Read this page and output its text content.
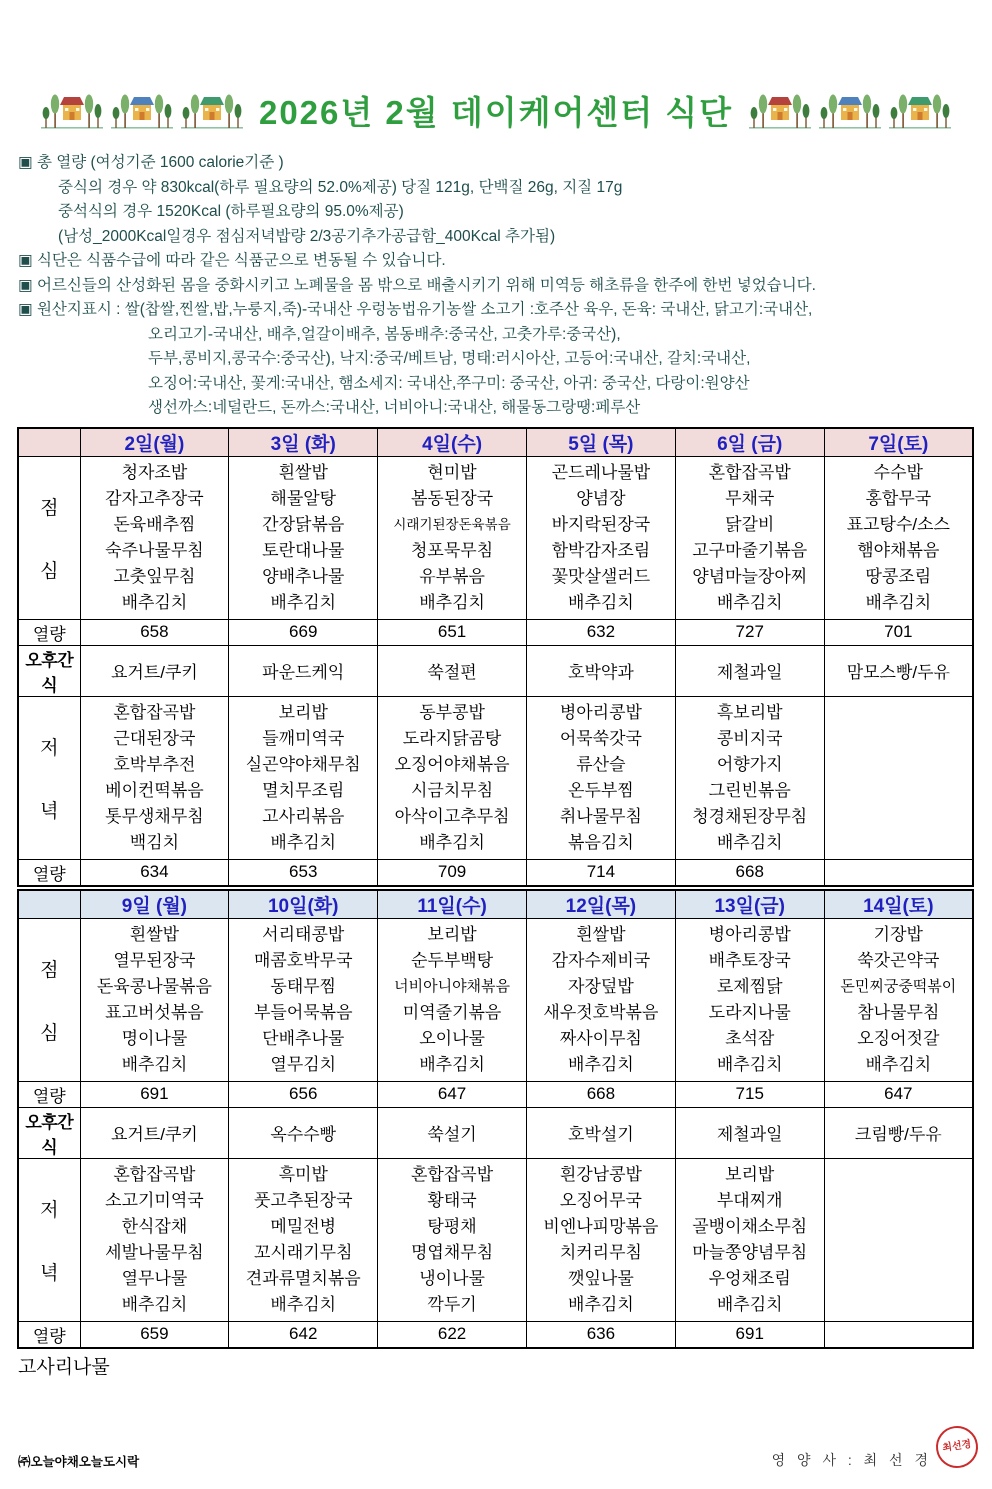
2026년 2월 데이케어센터 식단
▣ 총 열량 (여성기준 1600 calorie기준 )
중식의 경우 약 830kcal(하루 필요량의 52.0%제공) 당질 121g, 단백질 26g, 지질 17g
중석식의 경우 1520Kcal (하루필요량의 95.0%제공)
(남성_2000Kcal일경우 점심저녁밥량 2/3공기추가공급함_400Kcal 추가됨)
▣ 식단은 식품수급에 따라 같은 식품군으로 변동될 수 있습니다.
▣ 어르신들의 산성화된 몸을 중화시키고 노폐물을 몸 밖으로 배출시키기 위해 미역등 해초류을 한주에 한번 넣었습니다.
▣ 원산지표시 : 쌀(찹쌀,찐쌀,밥,누룽지,죽)-국내산 우렁농법유기농쌀 소고기 :호주산 육우, 돈육: 국내산, 닭고기:국내산,
오리고기-국내산, 배추,얼갈이배추, 봄동배추:중국산, 고춧가루:중국산),
두부,콩비지,콩국수:중국산), 낙지:중국/베트남, 명태:러시아산, 고등어:국내산, 갈치:국내산,
오징어:국내산, 꽃게:국내산, 햄소세지: 국내산,쭈구미: 중국산, 아귀: 중국산, 다랑이:원양산
생선까스:네덜란드, 돈까스:국내산, 너비아니:국내산, 해물동그랑땡:페루산
	2일(월)	3일 (화)	4일(수)	5일 (목)	6일 (금)	7일(토)

점
심

청자조밥
감자고추장국
돈육배추찜
숙주나물무침
고춧잎무침
배추김치

흰쌀밥
해물알탕
간장닭볶음
토란대나물
양배추나물
배추김치

현미밥
봄동된장국
시래기된장돈육볶음
청포묵무침
유부볶음
배추김치

곤드레나물밥
양념장
바지락된장국
함박감자조림
꽃맛살샐러드
배추김치

혼합잡곡밥
무채국
닭갈비
고구마줄기볶음
양념마늘장아찌
배추김치

수수밥
홍합무국
표고탕수/소스
햄야채볶음
땅콩조림
배추김치

열량	658	669	651	632	727	701
오후간식	요거트/쿠키	파운드케익	쑥절편	호박약과	제철과일	맘모스빵/두유

저
녁

혼합잡곡밥
근대된장국
호박부추전
베이컨떡볶음
톳무생채무침
백김치

보리밥
들깨미역국
실곤약야채무침
멸치무조림
고사리볶음
배추김치

동부콩밥
도라지닭곰탕
오징어야채볶음
시금치무침
아삭이고추무침
배추김치

병아리콩밥
어묵쑥갓국
류산슬
온두부찜
취나물무침
볶음김치

흑보리밥
콩비지국
어향가지
그린빈볶음
청경채된장무침
배추김치

열량	634	653	709	714	668	
	9일 (월)	10일(화)	11일(수)	12일(목)	13일(금)	14일(토)

점
심

흰쌀밥
열무된장국
돈육콩나물볶음
표고버섯볶음
명이나물
배추김치

서리태콩밥
매콤호박무국
동태무찜
부들어묵볶음
단배추나물
열무김치

보리밥
순두부백탕
너비아니야채볶음
미역줄기볶음
오이나물
배추김치

흰쌀밥
감자수제비국
자장덮밥
새우젓호박볶음
짜사이무침
배추김치

병아리콩밥
배추토장국
로제찜닭
도라지나물
초석잠
배추김치

기장밥
쑥갓곤약국
돈민찌궁중떡볶이
참나물무침
오징어젓갈
배추김치

열량	691	656	647	668	715	647
오후간식	요거트/쿠키	옥수수빵	쑥설기	호박설기	제철과일	크림빵/두유

저
녁

혼합잡곡밥
소고기미역국
한식잡채
세발나물무침
열무나물
배추김치

흑미밥
풋고추된장국
메밀전병
꼬시래기무침
견과류멸치볶음
배추김치

혼합잡곡밥
황태국
탕평채
명엽채무침
냉이나물
깍두기

흰강남콩밥
오징어무국
비엔나피망볶음
치커리무침
깻잎나물
배추김치

보리밥
부대찌개
골뱅이채소무침
마늘쫑양념무침
우엉채조림
배추김치

열량	659	642	622	636	691	
고사리나물
㈜오늘야채오늘도시락	영 양 사 : 최 선 경
최선경
